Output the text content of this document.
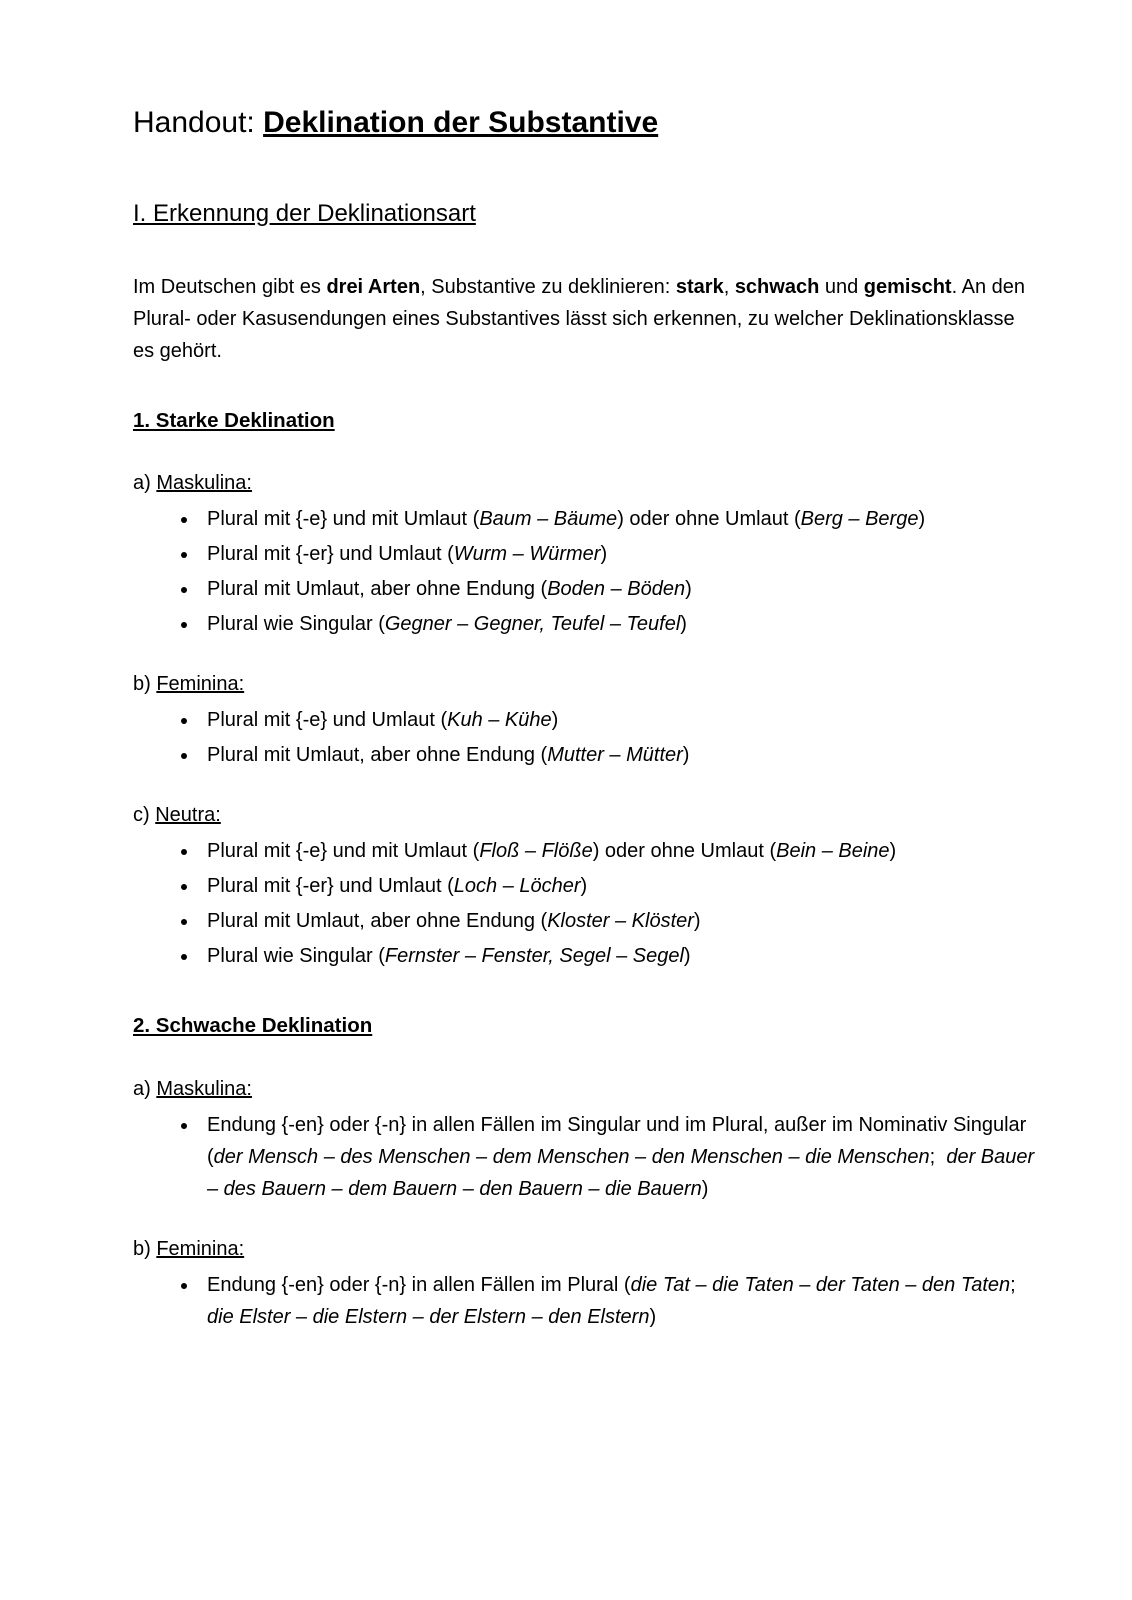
Handout: Deklination der Substantive
I. Erkennung der Deklinationsart

Im Deutschen gibt es drei Arten, Substantive zu deklinieren: stark, schwach und gemischt. An den Plural- oder Kasusendungen eines Substantives lässt sich erkennen, zu welcher Deklinationsklasse es gehört.

1. Starke Deklination

a) Maskulina:

• Plural mit {-e} und mit Umlaut (Baum – Bäume) oder ohne Umlaut (Berg – Berge)
• Plural mit {-er} und Umlaut (Wurm – Würmer)
• Plural mit Umlaut, aber ohne Endung (Boden – Böden)
• Plural wie Singular (Gegner – Gegner, Teufel – Teufel)

b) Feminina:

• Plural mit {-e} und Umlaut (Kuh – Kühe)
• Plural mit Umlaut, aber ohne Endung (Mutter – Mütter)

c) Neutra:

• Plural mit {-e} und mit Umlaut (Floß – Flöße) oder ohne Umlaut (Bein – Beine)
• Plural mit {-er} und Umlaut (Loch – Löcher)
• Plural mit Umlaut, aber ohne Endung (Kloster – Klöster)
• Plural wie Singular (Fernster – Fenster, Segel – Segel)
2. Schwache Deklination

a) Maskulina:

• Endung {-en} oder {-n} in allen Fällen im Singular und im Plural, außer im Nominativ Singular (der Mensch – des Menschen – dem Menschen – den Menschen – die Menschen;  der Bauer – des Bauern – dem Bauern – den Bauern – die Bauern)

b) Feminina:

• Endung {-en} oder {-n} in allen Fällen im Plural (die Tat – die Taten – der Taten – den Taten;  die Elster – die Elstern – der Elstern – den Elstern)
